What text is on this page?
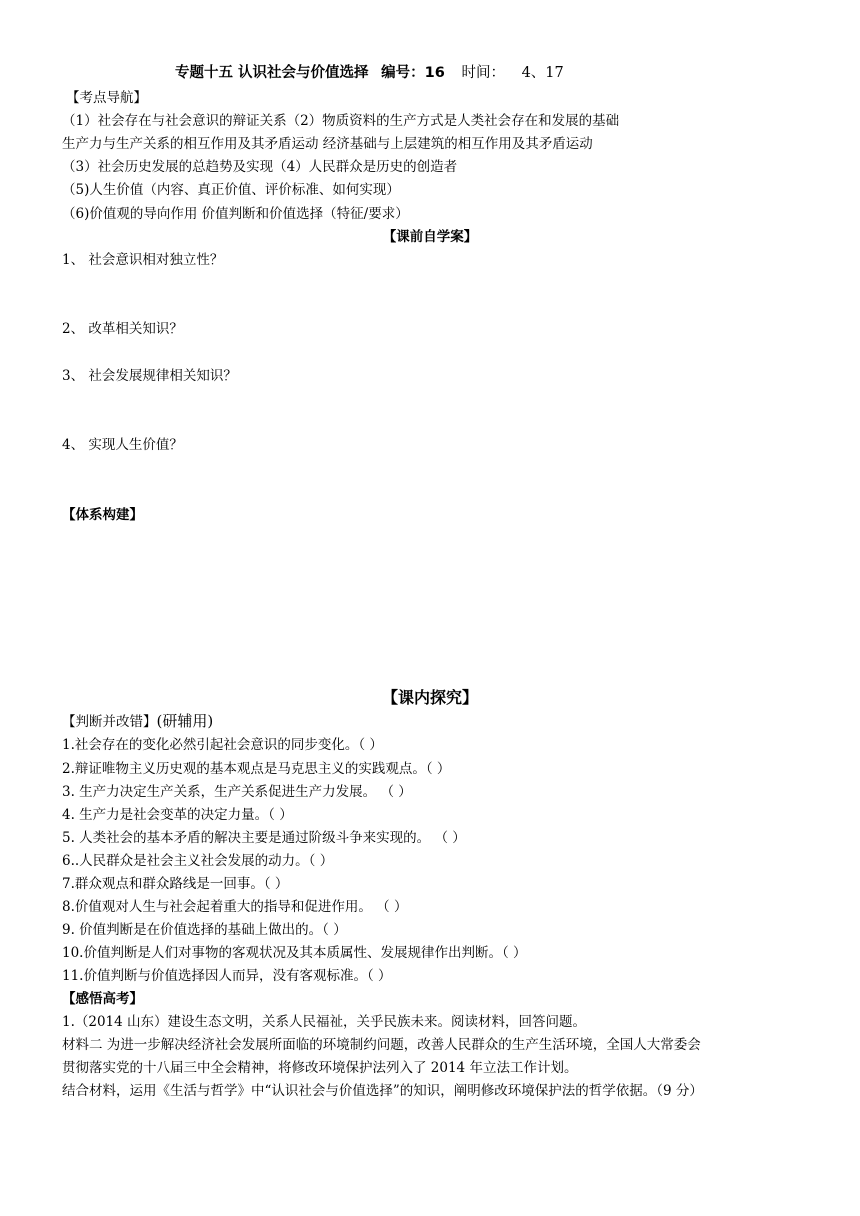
专题十五 认识社会与价值选择 编号：16 时间： 4、17
【考点导航】
（1）社会存在与社会意识的辩证关系（2）物质资料的生产方式是人类社会存在和发展的基础
生产力与生产关系的相互作用及其矛盾运动 经济基础与上层建筑的相互作用及其矛盾运动
（3）社会历史发展的总趋势及实现（4）人民群众是历史的创造者
（5)人生价值（内容、真正价值、评价标准、如何实现）
（6)价值观的导向作用 价值判断和价值选择（特征/要求）
【课前自学案】
1、 社会意识相对独立性？
2、 改革相关知识？
3、 社会发展规律相关知识？
4、 实现人生价值？
【体系构建】
【课内探究】
【判断并改错】(研辅用)
1.社会存在的变化必然引起社会意识的同步变化。（ ）
2.辩证唯物主义历史观的基本观点是马克思主义的实践观点。（ ）
3. 生产力决定生产关系，生产关系促进生产力发展。 （ ）
4. 生产力是社会变革的决定力量。（ ）
5. 人类社会的基本矛盾的解决主要是通过阶级斗争来实现的。 （ ）
6..人民群众是社会主义社会发展的动力。（ ）
7.群众观点和群众路线是一回事。（ ）
8.价值观对人生与社会起着重大的指导和促进作用。 （ ）
9. 价值判断是在价值选择的基础上做出的。（ ）
10.价值判断是人们对事物的客观状况及其本质属性、发展规律作出判断。（ ）
11.价值判断与价值选择因人而异，没有客观标准。（ ）
【感悟高考】
1.（2014 山东）建设生态文明，关系人民福祉，关乎民族未来。阅读材料，回答问题。
材料二 为进一步解决经济社会发展所面临的环境制约问题，改善人民群众的生产生活环境，全国人大常委会
贯彻落实党的十八届三中全会精神，将修改环境保护法列入了 2014 年立法工作计划。
结合材料，运用《生活与哲学》中“认识社会与价值选择”的知识，阐明修改环境保护法的哲学依据。（9 分）
